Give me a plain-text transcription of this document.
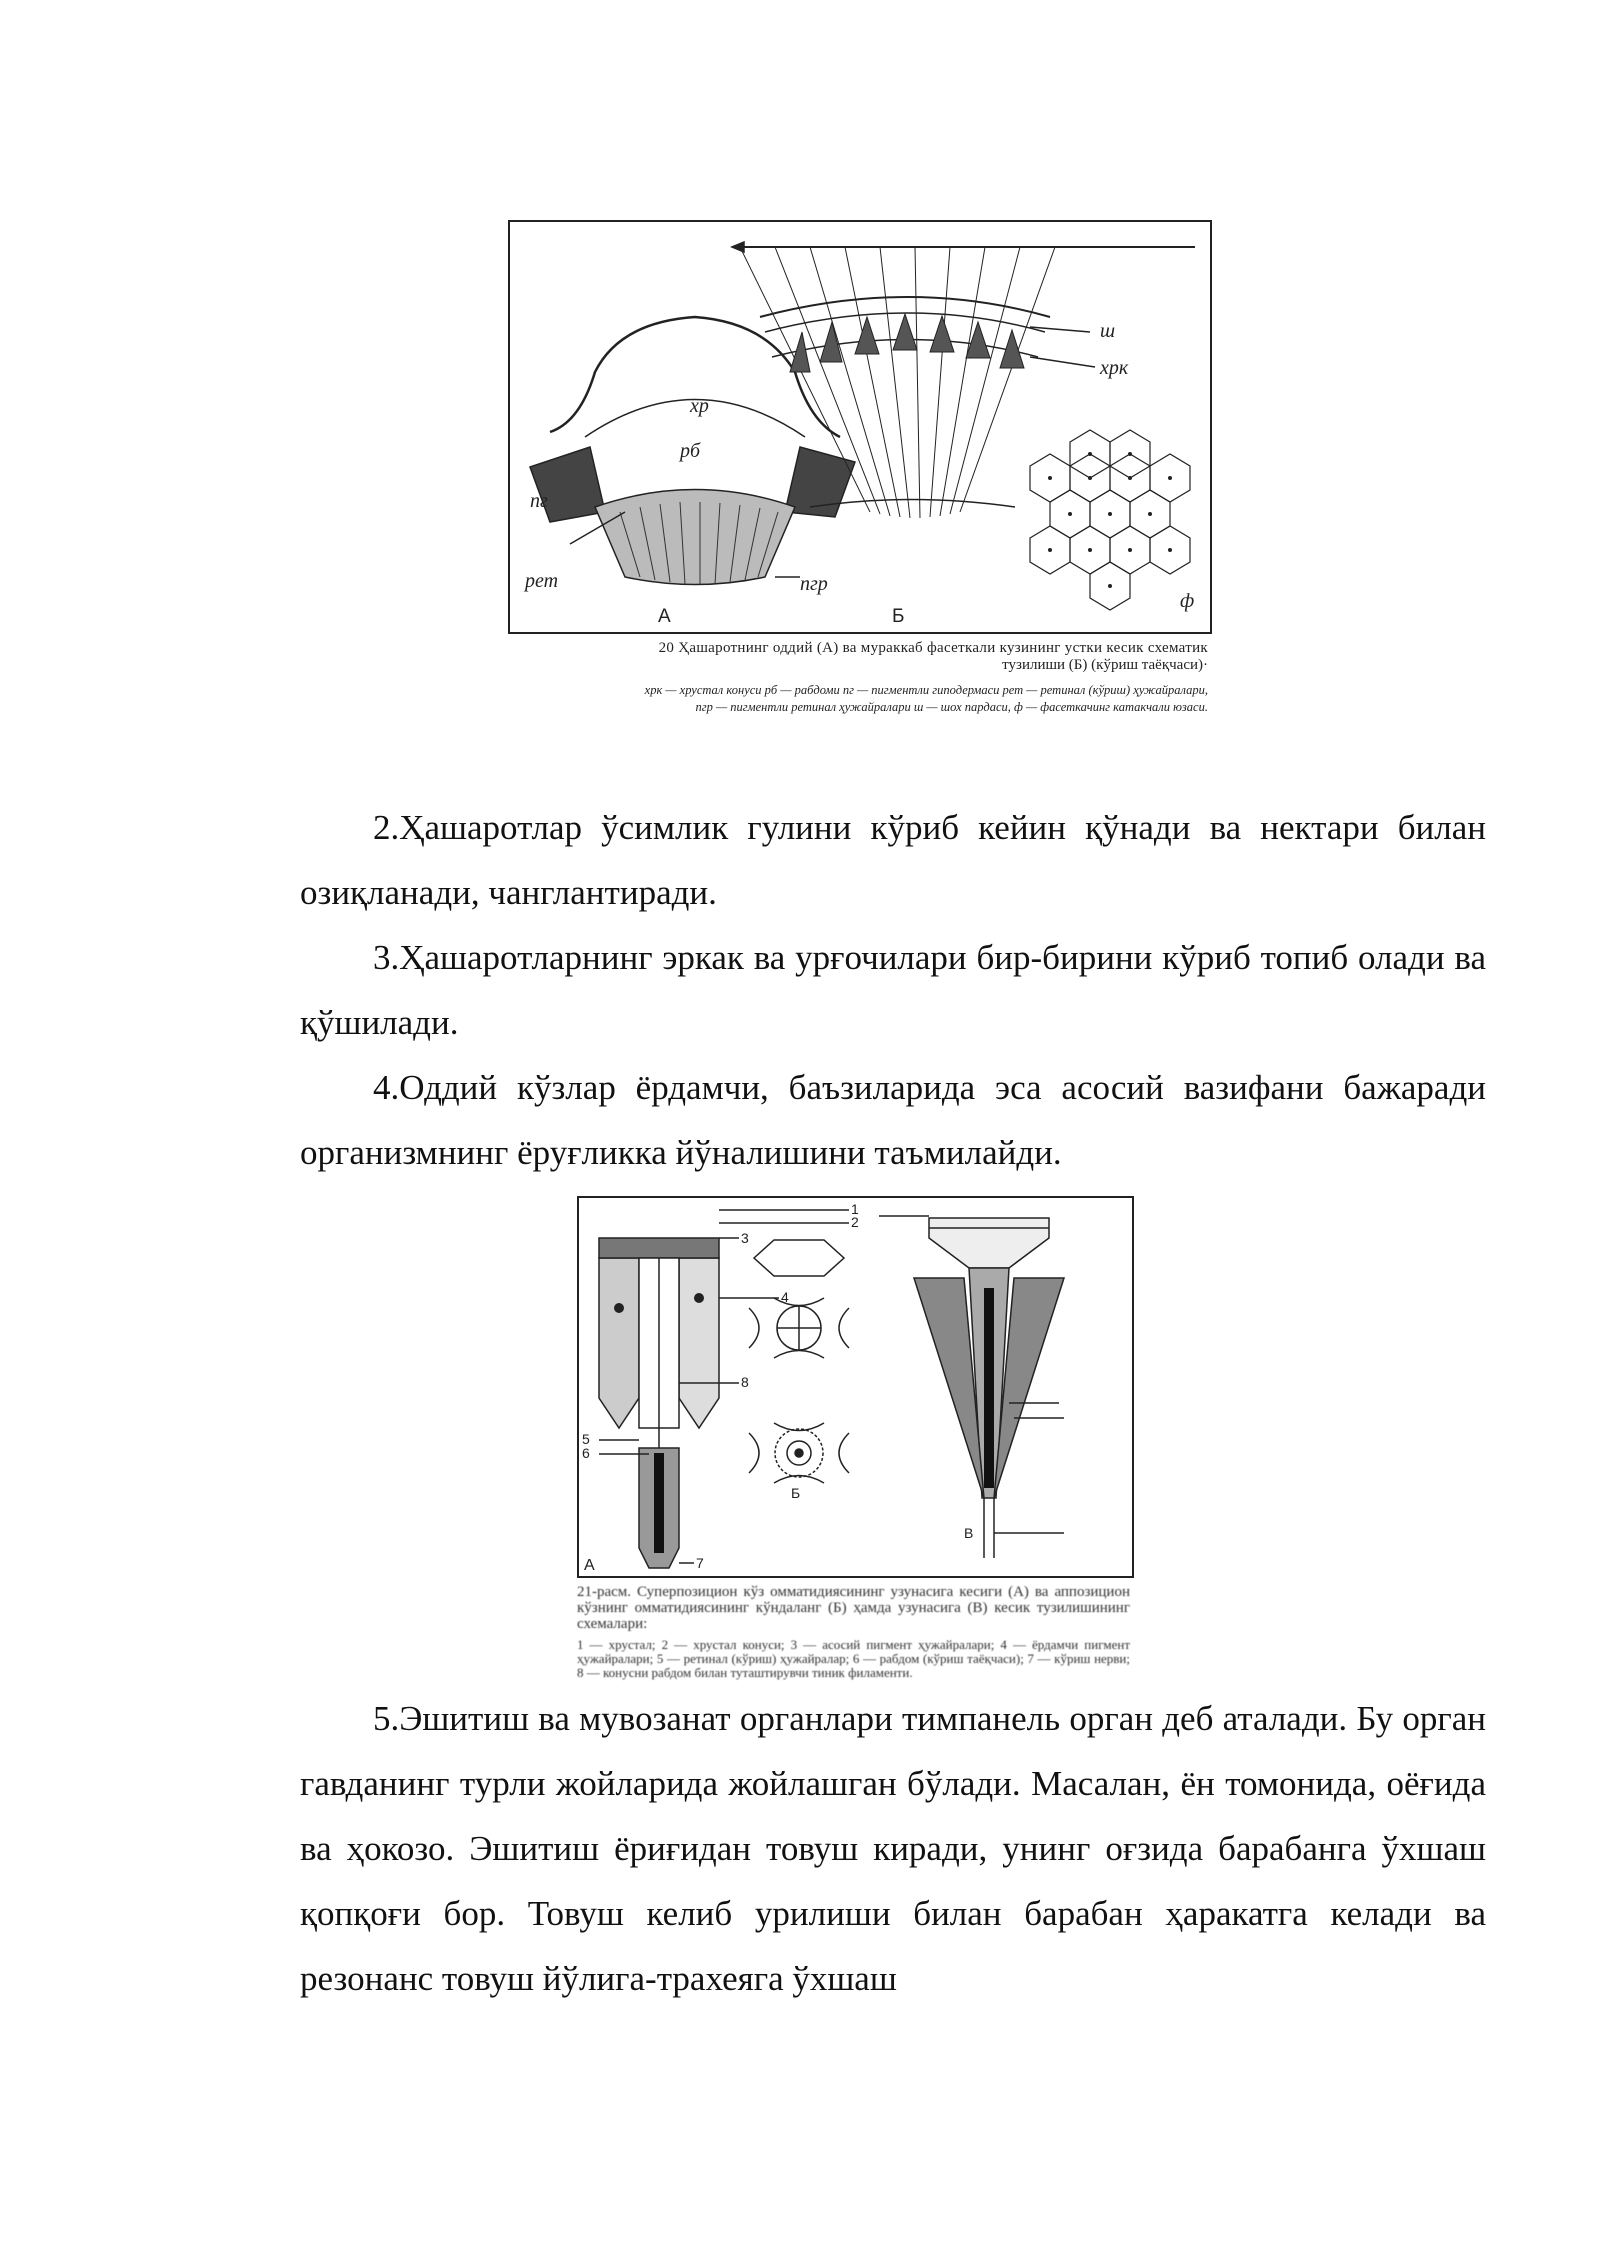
хр
рб
пг
рет	пгр
ш
хрк
ф
А	Б
20 Ҳашаротнинг оддий (А) ва мураккаб фасеткали кузининг устки кесик схематик
тузилиши (Б) (кўриш таёқчаси)·
хрк — хрустал конуси рб — рабдоми пг — пигментли гиподермаси рет — ретинал (кўриш) ҳужайралари,
пгр — пигментли ретинал ҳужайралари ш — шох пардаси, ф — фасеткачинг катакчали юзаси.

2.Ҳашаротлар ўсимлик гулини кўриб кейин қўнади ва нектари билан озиқланади, чанглантиради.

3.Ҳашаротларнинг эркак ва урғочилари бир-бирини кўриб топиб олади ва қўшилади.

4.Оддий кўзлар ёрдамчи, баъзиларида эса асосий вазифани бажаради организмнинг ёруғликка йўналишини таъмилайди.

1
2
3
4
5
6
7
8
А
Б
В
21-расм. Суперпозицион кўз омматидиясининг узунасига кесиги (А) ва аппозицион кўзнинг омматидиясининг кўндаланг (Б) ҳамда узунасига (В) кесик тузилишининг схемалари:
1 — хрустал; 2 — хрустал конуси; 3 — асосий пигмент ҳужайралари; 4 — ёрдамчи пигмент ҳужайралари; 5 — ретинал (кўриш) ҳужайралар; 6 — рабдом (кўриш таёқчаси); 7 — кўриш нерви; 8 — конусни рабдом билан туташтирувчи тиник филаменти.

5.Эшитиш ва мувозанат органлари тимпанель орган деб аталади. Бу орган гавданинг турли жойларида жойлашган бўлади. Масалан, ён томонида, оёғида ва ҳокозо. Эшитиш ёриғидан товуш киради, унинг оғзида барабанга ўхшаш қопқоғи бор. Товуш келиб урилиши билан барабан ҳаракатга келади ва резонанс товуш йўлига-трахеяга ўхшаш
